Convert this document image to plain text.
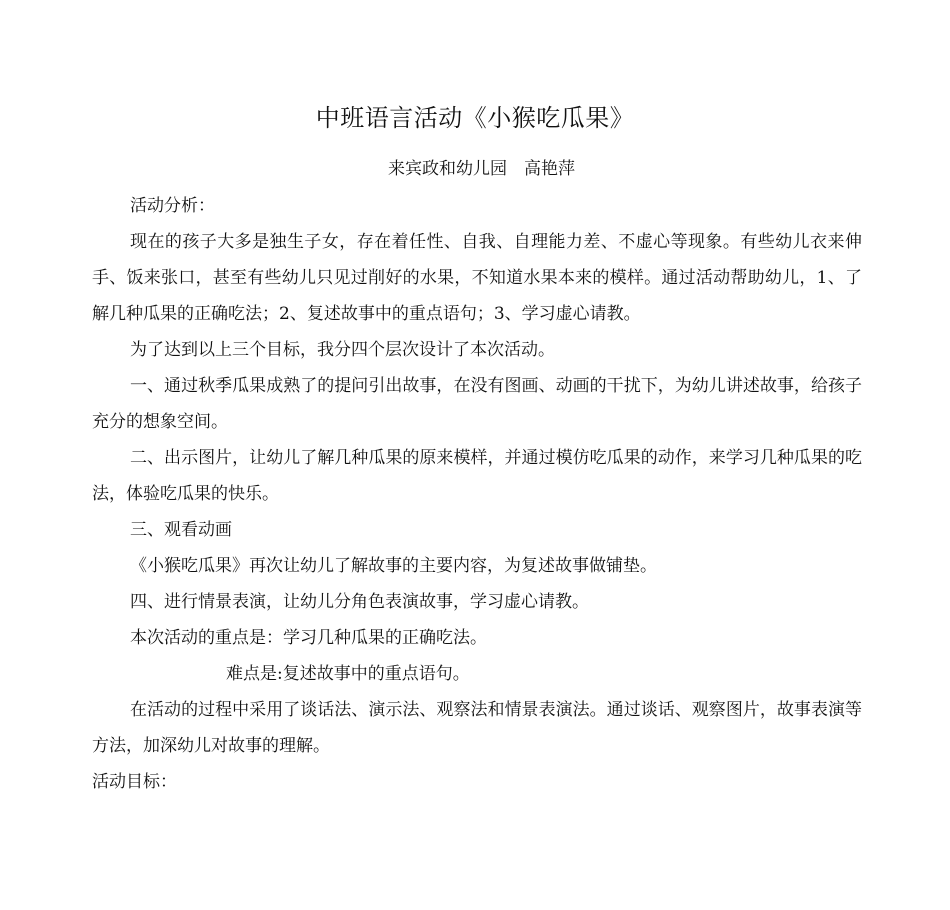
中班语言活动《小猴吃瓜果》
来宾政和幼儿园　高艳萍

活动分析：

现在的孩子大多是独生子女，存在着任性、自我、自理能力差、不虚心等现象。有些幼儿衣来伸手、饭来张口，甚至有些幼儿只见过削好的水果，不知道水果本来的模样。通过活动帮助幼儿，1、了解几种瓜果的正确吃法；2、复述故事中的重点语句；3、学习虚心请教。

为了达到以上三个目标，我分四个层次设计了本次活动。

一、通过秋季瓜果成熟了的提问引出故事，在没有图画、动画的干扰下，为幼儿讲述故事，给孩子充分的想象空间。

二、出示图片，让幼儿了解几种瓜果的原来模样，并通过模仿吃瓜果的动作，来学习几种瓜果的吃法，体验吃瓜果的快乐。

三、观看动画

《小猴吃瓜果》再次让幼儿了解故事的主要内容，为复述故事做铺垫。

四、进行情景表演，让幼儿分角色表演故事，学习虚心请教。

本次活动的重点是：学习几种瓜果的正确吃法。

难点是:复述故事中的重点语句。

在活动的过程中采用了谈话法、演示法、观察法和情景表演法。通过谈话、观察图片，故事表演等方法，加深幼儿对故事的理解。

活动目标：
